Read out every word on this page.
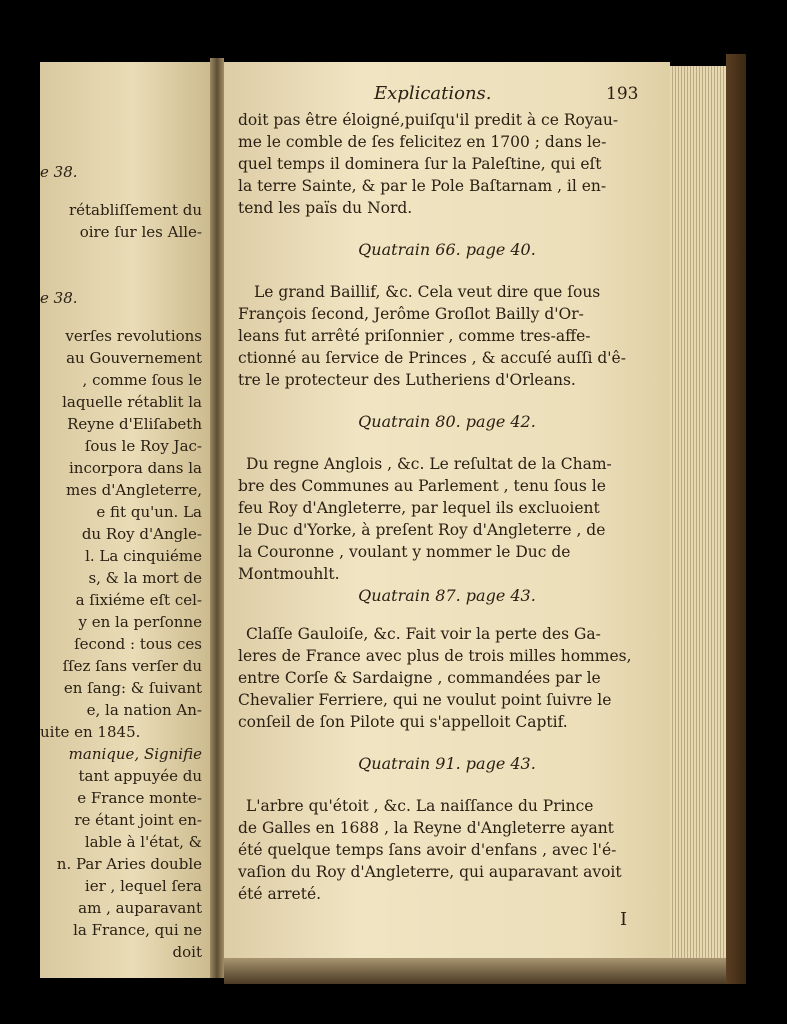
e 38.
rétabliſſement du
oire ſur les Alle-
e 38.
verſes revolutions
au Gouvernement
, comme ſous le
laquelle rétablit la
Reyne d'Eliſabeth
ſous le Roy Jac-
incorpora dans la
mes d'Angleterre,
e fit qu'un. La
du Roy d'Angle-
l. La cinquiéme
s, & la mort de
a ſixiéme eſt cel-
y en la perſonne
ſecond : tous ces
ſſez ſans verſer du
en ſang: & ſuivant
e, la nation An-
uite en 1845.
manique, Signifie
tant appuyée du
e France monte-
re étant joint en-
lable à l'état, &
n. Par Aries double
ier , lequel ſera
am , auparavant
la France, qui ne
doit
Explications.	193
doit pas être éloigné,puiſqu'il predit à ce Royau-
me le comble de ſes felicitez en 1700 ; dans le-
quel temps il dominera ſur la Paleſtine, qui eſt
la terre Sainte, & par le Pole Baſtarnam , il en-
tend les païs du Nord.
Quatrain 66. page 40.
Le grand Baillif, &c. Cela veut dire que ſous
François ſecond, Jerôme Groſlot Bailly d'Or-
leans fut arrêté priſonnier , comme tres-affe-
ctionné au ſervice de Princes , & accuſé auſſi d'ê-
tre le protecteur des Lutheriens d'Orleans.
Quatrain 80. page 42.
Du regne Anglois , &c. Le reſultat de la Cham-
bre des Communes au Parlement , tenu ſous le
feu Roy d'Angleterre, par lequel ils excluoient
le Duc d'Yorke, à preſent Roy d'Angleterre , de
la Couronne , voulant y nommer le Duc de
Montmouhlt.
Quatrain 87. page 43.
Claſſe Gauloiſe, &c. Fait voir la perte des Ga-
leres de France avec plus de trois milles hommes,
entre Corſe & Sardaigne , commandées par le
Chevalier Ferriere, qui ne voulut point ſuivre le
conſeil de ſon Pilote qui s'appelloit Captif.
Quatrain 91. page 43.
L'arbre qu'étoit , &c. La naiſſance du Prince
de Galles en 1688 , la Reyne d'Angleterre ayant
été quelque temps ſans avoir d'enfans , avec l'é-
vaſion du Roy d'Angleterre, qui auparavant avoit
été arreté.
I
